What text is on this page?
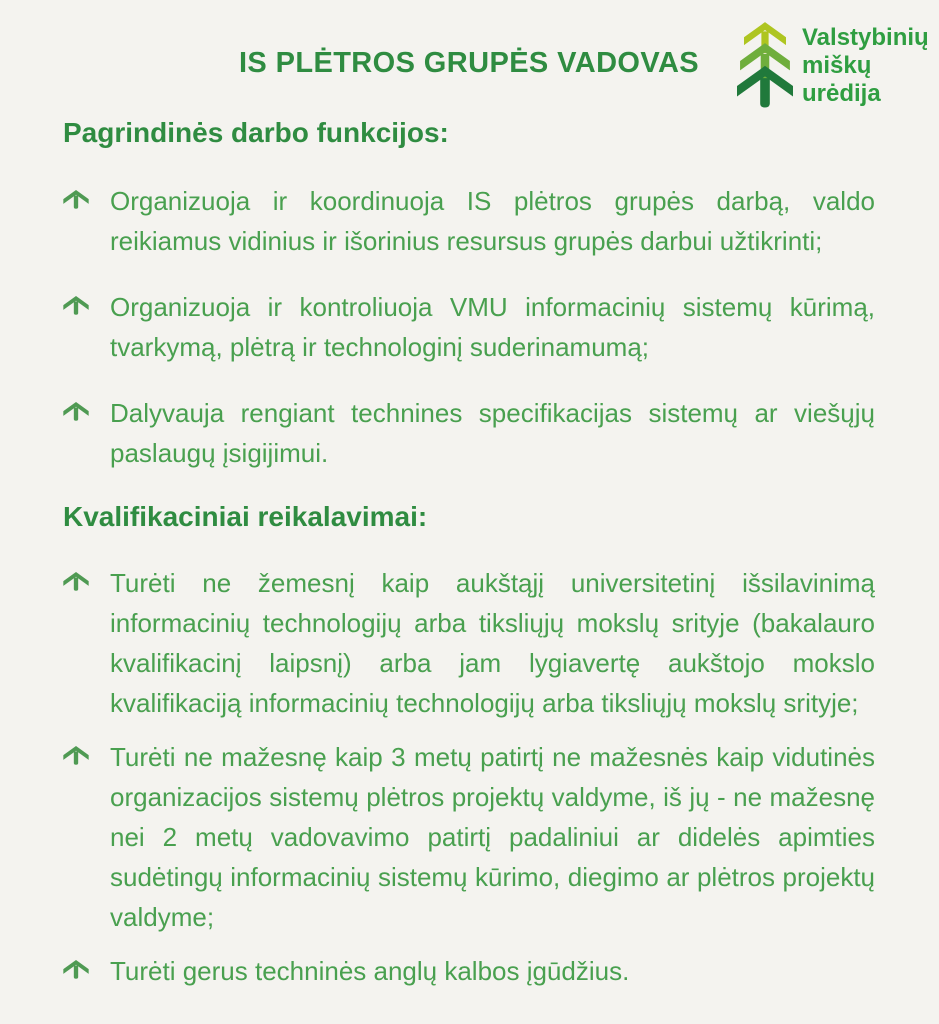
IS PLĖTROS GRUPĖS VADOVAS
Valstybinių
miškų
urėdija
Pagrindinės darbo funkcijos:

Organizuoja ir koordinuoja IS plėtros grupės darbą, valdo reikiamus vidinius ir išorinius resursus grupės darbui užtikrinti;

Organizuoja ir kontroliuoja VMU informacinių sistemų kūrimą, tvarkymą, plėtrą ir technologinį suderinamumą;

Dalyvauja rengiant technines specifikacijas sistemų ar viešųjų paslaugų įsigijimui.

Kvalifikaciniai reikalavimai:

Turėti ne žemesnį kaip aukštąjį universitetinį išsilavinimą informacinių technologijų arba tiksliųjų mokslų srityje (bakalauro kvalifikacinį laipsnį) arba jam lygiavertę aukštojo mokslo kvalifikaciją informacinių technologijų arba tiksliųjų mokslų srityje;

Turėti ne mažesnę kaip 3 metų patirtį ne mažesnės kaip vidutinės organizacijos sistemų plėtros projektų valdyme, iš jų - ne mažesnę nei 2 metų vadovavimo patirtį padaliniui ar didelės apimties sudėtingų informacinių sistemų kūrimo, diegimo ar plėtros projektų valdyme;

Turėti gerus techninės anglų kalbos įgūdžius.
